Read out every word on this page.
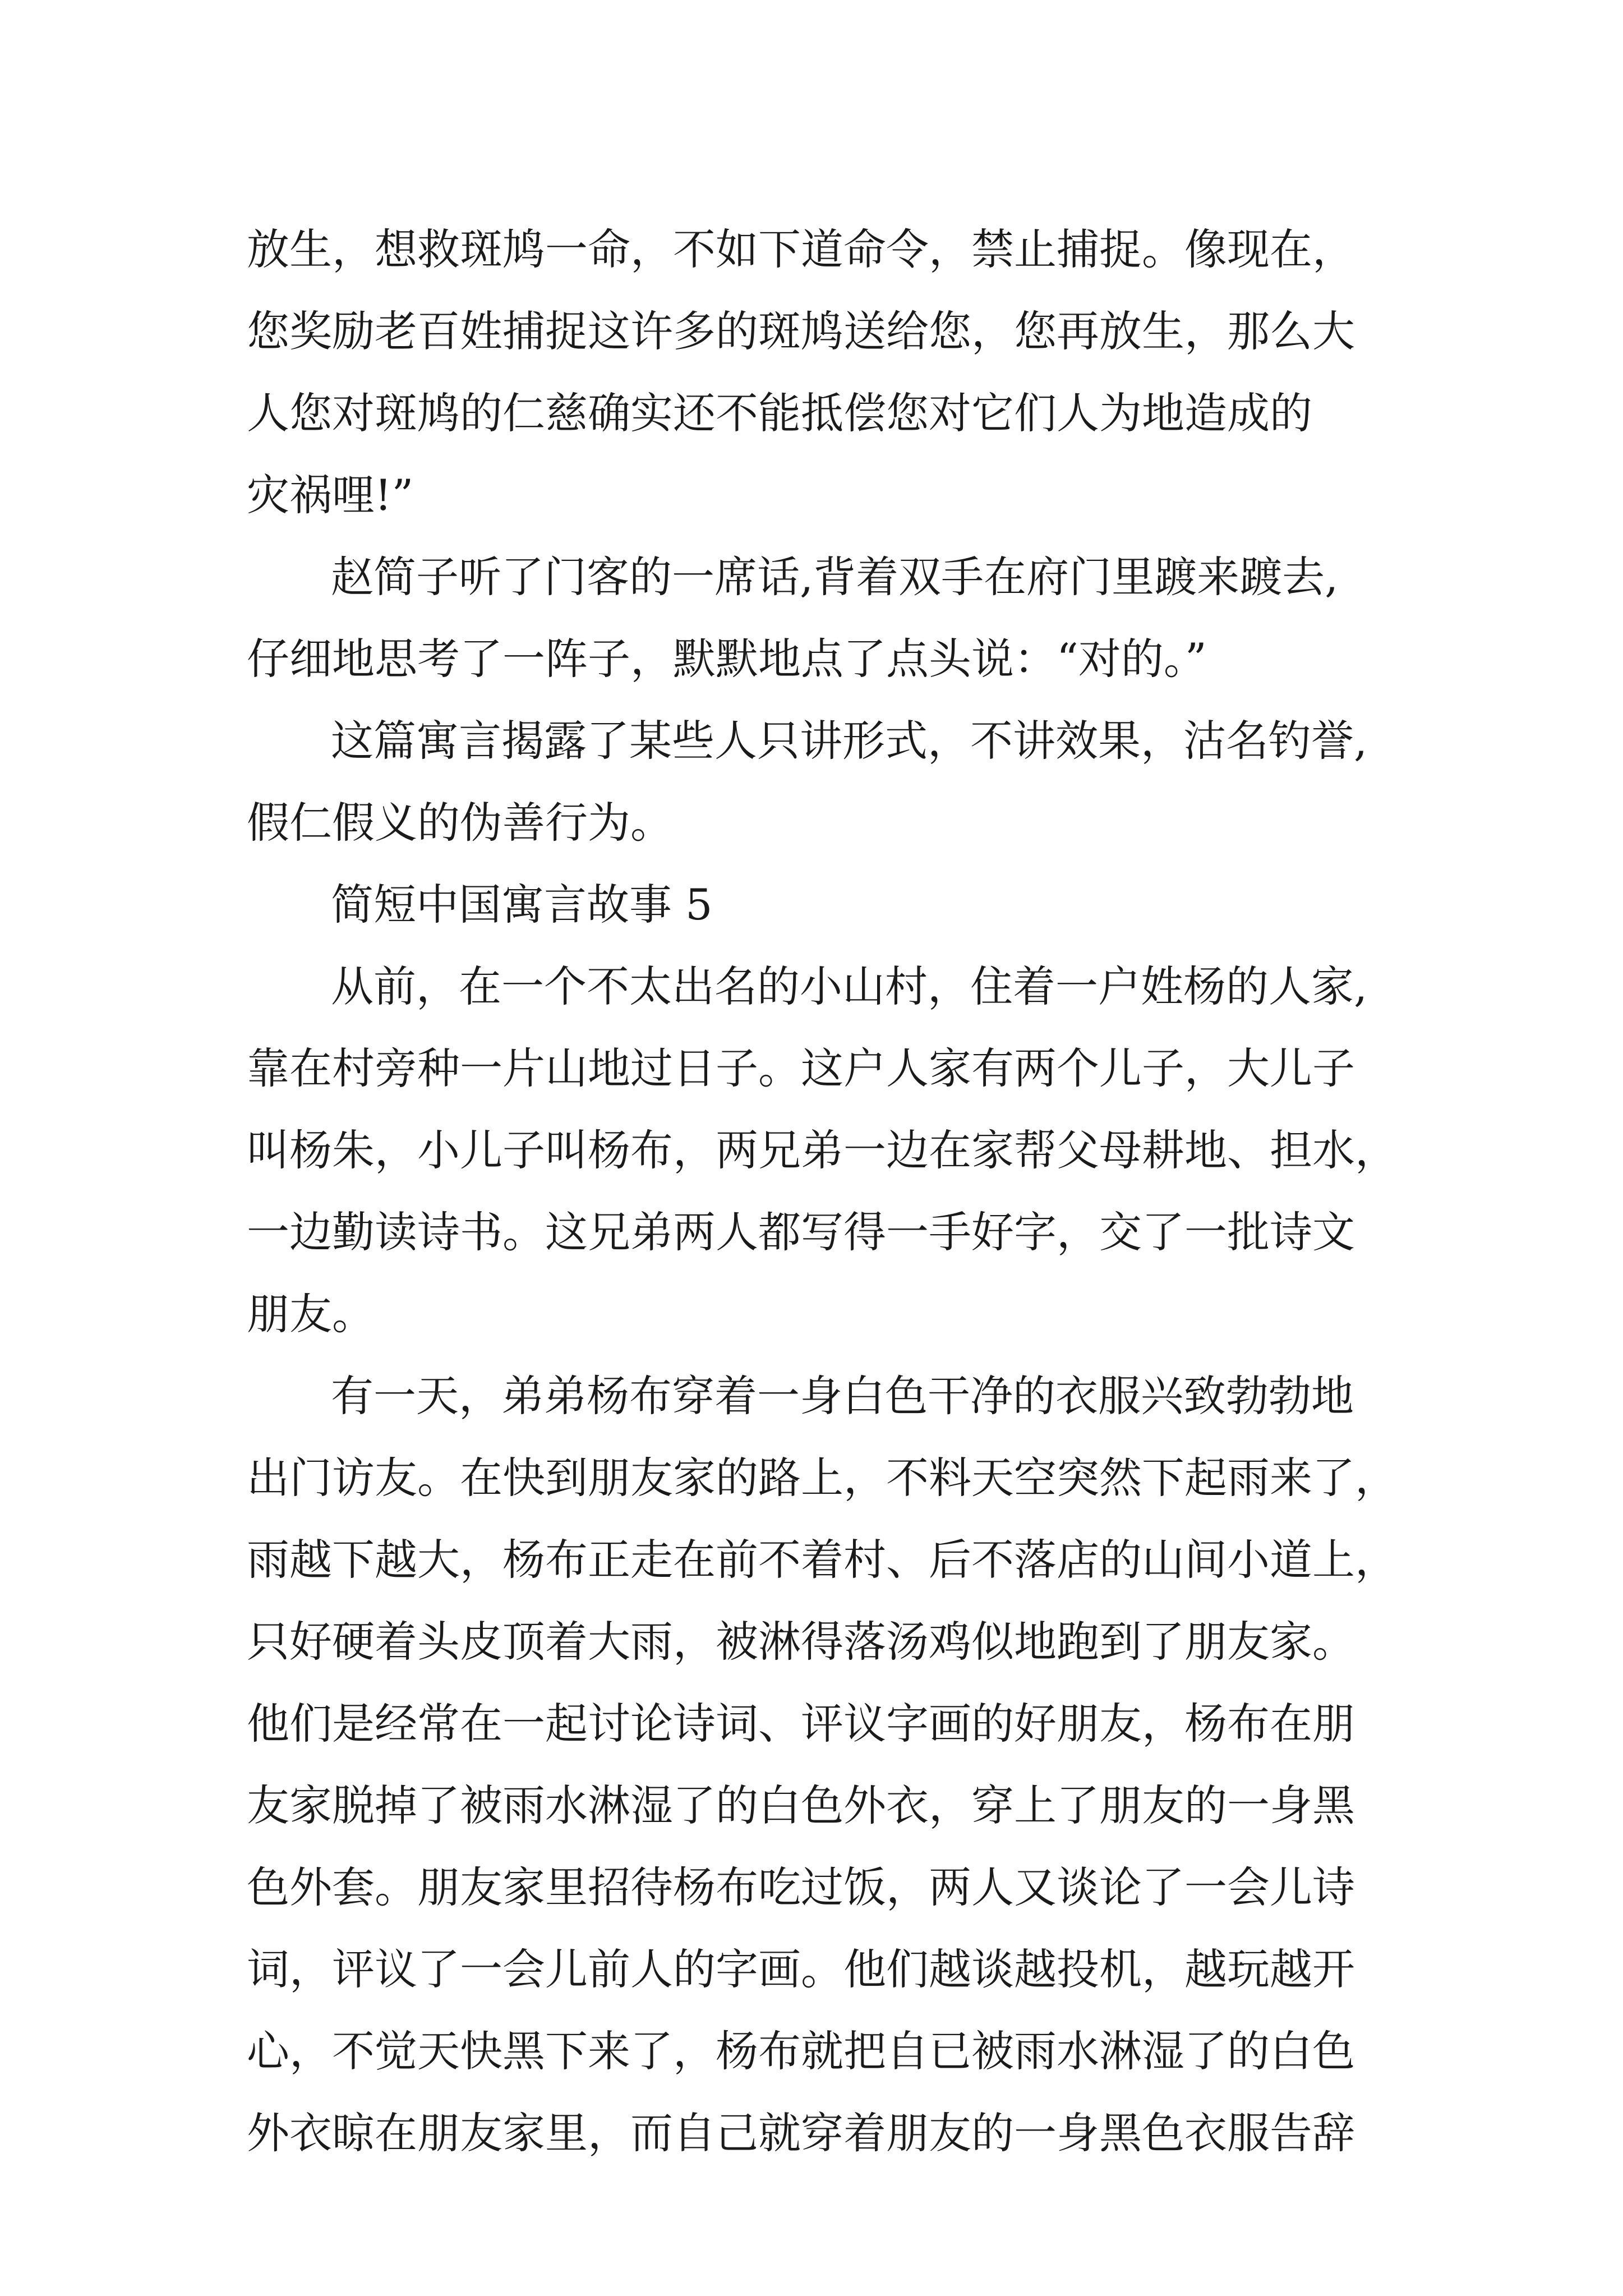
放生，想救斑鸠一命，不如下道命令，禁止捕捉。像现在，
您奖励老百姓捕捉这许多的斑鸠送给您，您再放生，那么大
人您对斑鸠的仁慈确实还不能抵偿您对它们人为地造成的
灾祸哩!”
赵简子听了门客的一席话,背着双手在府门里踱来踱去,
仔细地思考了一阵子，默默地点了点头说：“对的。”
这篇寓言揭露了某些人只讲形式，不讲效果，沽名钓誉,
假仁假义的伪善行为。
简短中国寓言故事 5
从前，在一个不太出名的小山村，住着一户姓杨的人家,
靠在村旁种一片山地过日子。这户人家有两个儿子，大儿子
叫杨朱，小儿子叫杨布，两兄弟一边在家帮父母耕地、担水，
一边勤读诗书。这兄弟两人都写得一手好字，交了一批诗文
朋友。
有一天，弟弟杨布穿着一身白色干净的衣服兴致勃勃地
出门访友。在快到朋友家的路上，不料天空突然下起雨来了，
雨越下越大，杨布正走在前不着村、后不落店的山间小道上，
只好硬着头皮顶着大雨，被淋得落汤鸡似地跑到了朋友家。
他们是经常在一起讨论诗词、评议字画的好朋友，杨布在朋
友家脱掉了被雨水淋湿了的白色外衣，穿上了朋友的一身黑
色外套。朋友家里招待杨布吃过饭，两人又谈论了一会儿诗
词，评议了一会儿前人的字画。他们越谈越投机，越玩越开
心，不觉天快黑下来了，杨布就把自已被雨水淋湿了的白色
外衣晾在朋友家里，而自己就穿着朋友的一身黑色衣服告辞
